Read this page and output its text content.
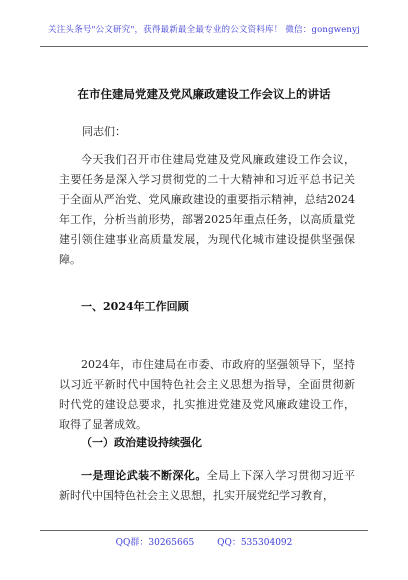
关注头条号"公文研究"，获得最新最全最专业的公文资料库！ 微信：gongwenyj
在市住建局党建及党风廉政建设工作会议上的讲话

同志们：

今天我们召开市住建局党建及党风廉政建设工作会议，主要任务是深入学习贯彻党的二十大精神和习近平总书记关于全面从严治党、党风廉政建设的重要指示精神，总结2024年工作，分析当前形势，部署2025年重点任务，以高质量党建引领住建事业高质量发展，为现代化城市建设提供坚强保障。

一、2024年工作回顾

2024年，市住建局在市委、市政府的坚强领导下，坚持以习近平新时代中国特色社会主义思想为指导，全面贯彻新时代党的建设总要求，扎实推进党建及党风廉政建设工作，取得了显著成效。

（一）政治建设持续强化

一是理论武装不断深化。全局上下深入学习贯彻习近平新时代中国特色社会主义思想，扎实开展党纪学习教育，

QQ群：30265665	QQ：535304092
